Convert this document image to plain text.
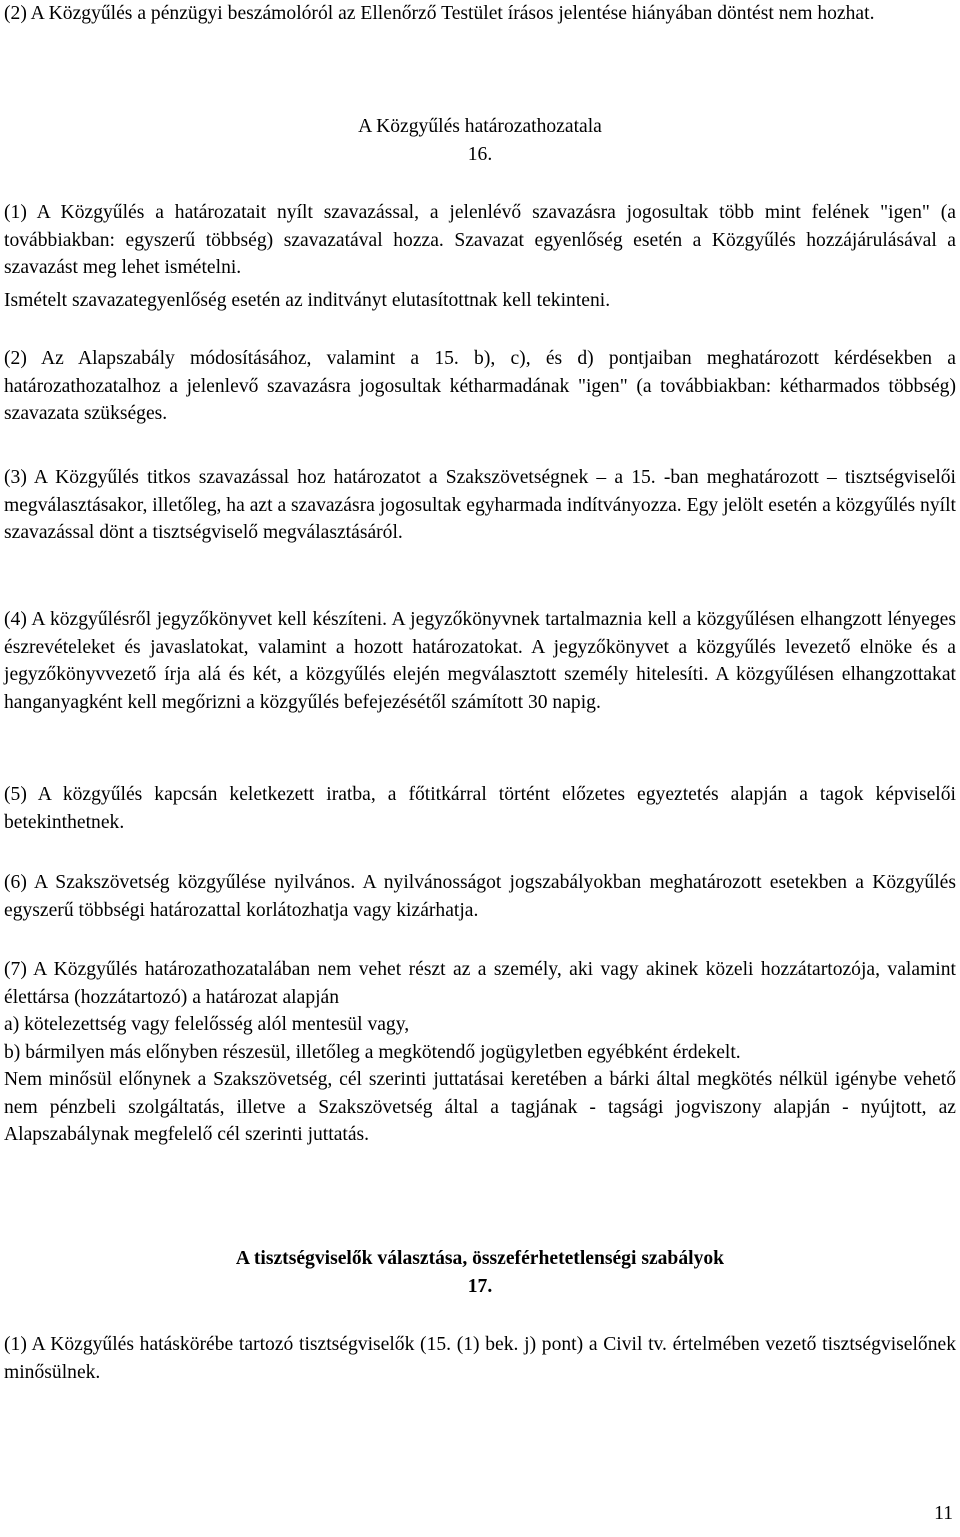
(2) A Közgyűlés a pénzügyi beszámolóról az Ellenőrző Testület írásos jelentése hiányában döntést nem hozhat.

A Közgyűlés határozathozatala

16.

(1) A Közgyűlés a határozatait nyílt szavazással, a jelenlévő szavazásra jogosultak több mint felének "igen" (a továbbiakban: egyszerű többség) szavazatával hozza. Szavazat egyenlőség esetén a Közgyűlés hozzájárulásával a szavazást meg lehet ismételni.

Ismételt szavazategyenlőség esetén az inditványt elutasítottnak kell tekinteni.

(2) Az Alapszabály módosításához, valamint a 15. b), c), és d) pontjaiban meghatározott kérdésekben a határozathozatalhoz a jelenlevő szavazásra jogosultak kétharmadának "igen" (a továbbiakban: kétharmados többség) szavazata szükséges.

(3) A Közgyűlés titkos szavazással hoz határozatot a Szakszövetségnek – a 15. -ban meghatározott – tisztségviselői megválasztásakor, illetőleg, ha azt a szavazásra jogosultak egyharmada indítványozza. Egy jelölt esetén a közgyűlés nyílt szavazással dönt a tisztségviselő megválasztásáról.

(4) A közgyűlésről jegyzőkönyvet kell készíteni. A jegyzőkönyvnek tartalmaznia kell a közgyűlésen elhangzott lényeges észrevételeket és javaslatokat, valamint a hozott határozatokat. A jegyzőkönyvet a közgyűlés levezető elnöke és a jegyzőkönyvvezető írja alá és két, a közgyűlés elején megválasztott személy hitelesíti. A közgyűlésen elhangzottakat hanganyagként kell megőrizni a közgyűlés befejezésétől számított 30 napig.

(5) A közgyűlés kapcsán keletkezett iratba, a főtitkárral történt előzetes egyeztetés alapján a tagok képviselői betekinthetnek.

(6) A Szakszövetség közgyűlése nyilvános. A nyilvánosságot jogszabályokban meghatározott esetekben a Közgyűlés egyszerű többségi határozattal korlátozhatja vagy kizárhatja.

(7) A Közgyűlés határozathozatalában nem vehet részt az a személy, aki vagy akinek közeli hozzátartozója, valamint élettársa (hozzátartozó) a határozat alapján

a) kötelezettség vagy felelősség alól mentesül vagy,

b) bármilyen más előnyben részesül, illetőleg a megkötendő jogügyletben egyébként érdekelt.

Nem minősül előnynek a Szakszövetség, cél szerinti juttatásai keretében a bárki által megkötés nélkül igénybe vehető nem pénzbeli szolgáltatás, illetve a Szakszövetség által a tagjának - tagsági jogviszony alapján - nyújtott, az Alapszabálynak megfelelő cél szerinti juttatás.

A tisztségviselők választása, összeférhetetlenségi szabályok

17.

(1) A Közgyűlés hatáskörébe tartozó tisztségviselők (15. (1) bek. j) pont) a Civil tv. értelmében vezető tisztségviselőnek minősülnek.

11
